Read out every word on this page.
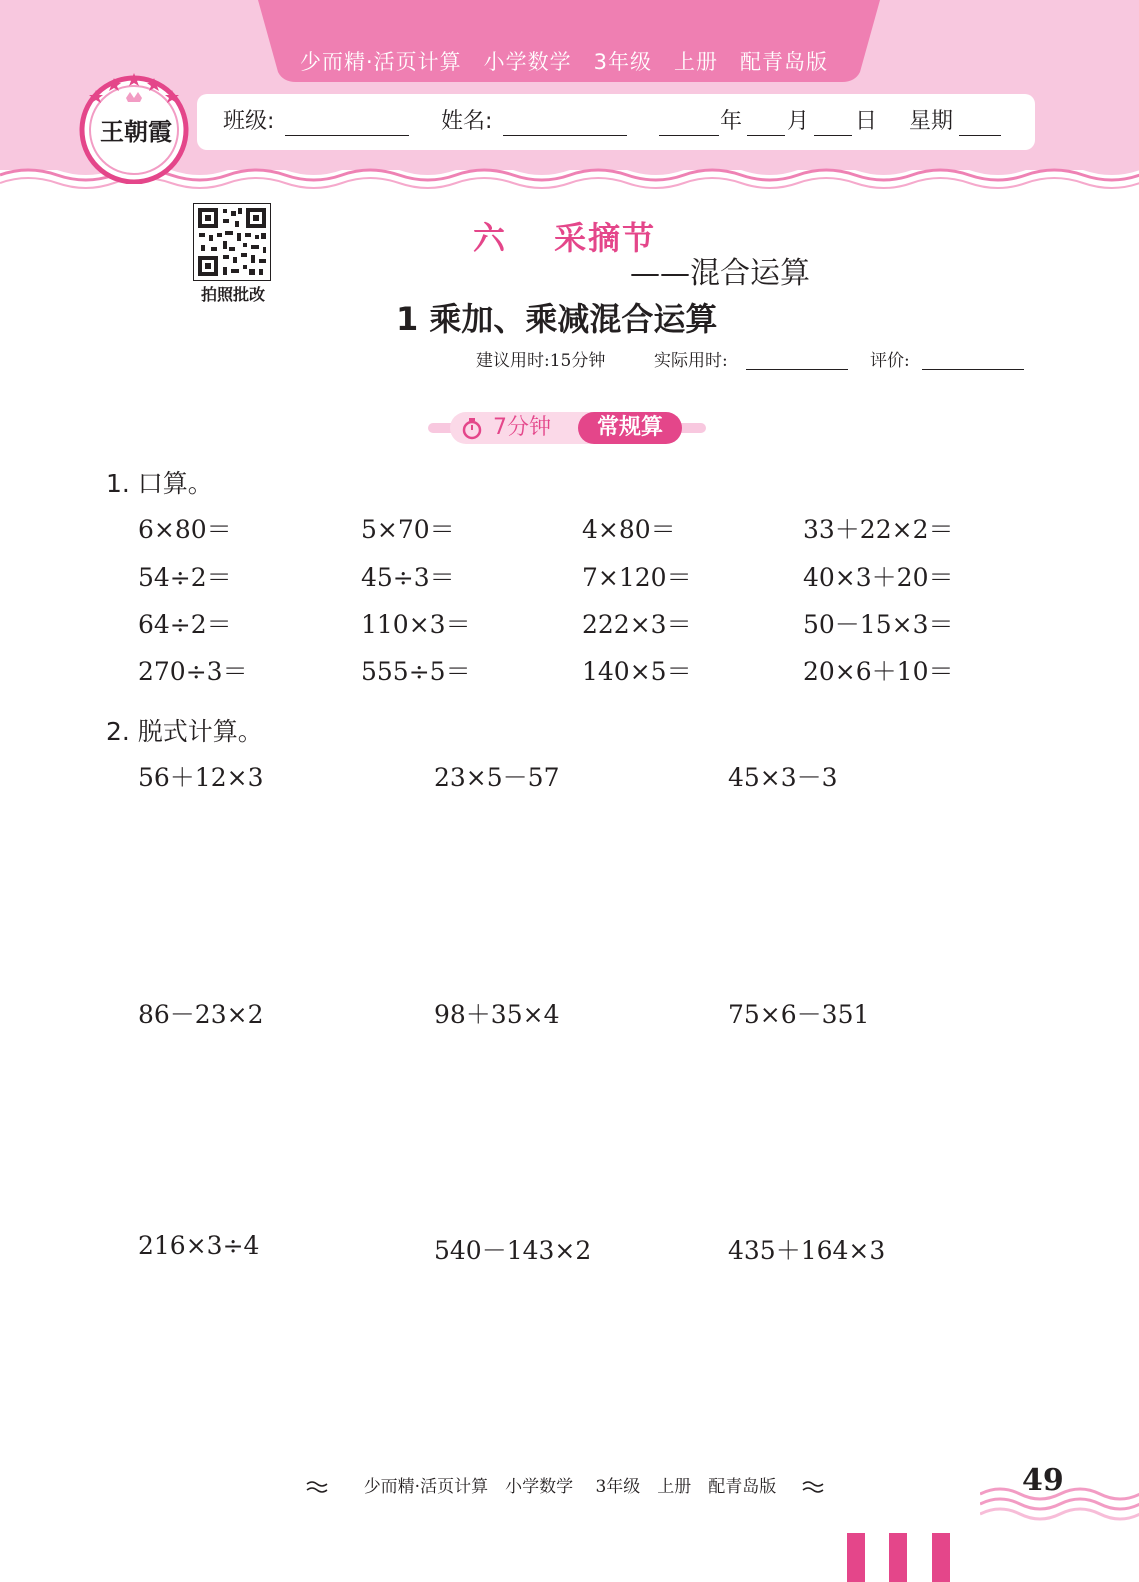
少而精·活页计算　小学数学　3年级　上册　配青岛版
班级:	姓名:	年 月 日 星期
王朝霞
拍照批改
六　 采摘节
——混合运算
1 乘加、乘减混合运算
建议用时:15分钟	实际用时:	评价:
7分钟	常规算
1. 口算。
6×80＝	5×70＝	4×80＝	33＋22×2＝
54÷2＝	45÷3＝	7×120＝	40×3＋20＝
64÷2＝	110×3＝	222×3＝	50－15×3＝
270÷3＝	555÷5＝	140×5＝	20×6＋10＝
2. 脱式计算。
56＋12×3	23×5－57	45×3－3
86－23×2	98＋35×4	75×6－351
216×3÷4	540－143×2	435＋164×3
少而精·活页计算　小学数学　 3年级　上册　配青岛版	49
